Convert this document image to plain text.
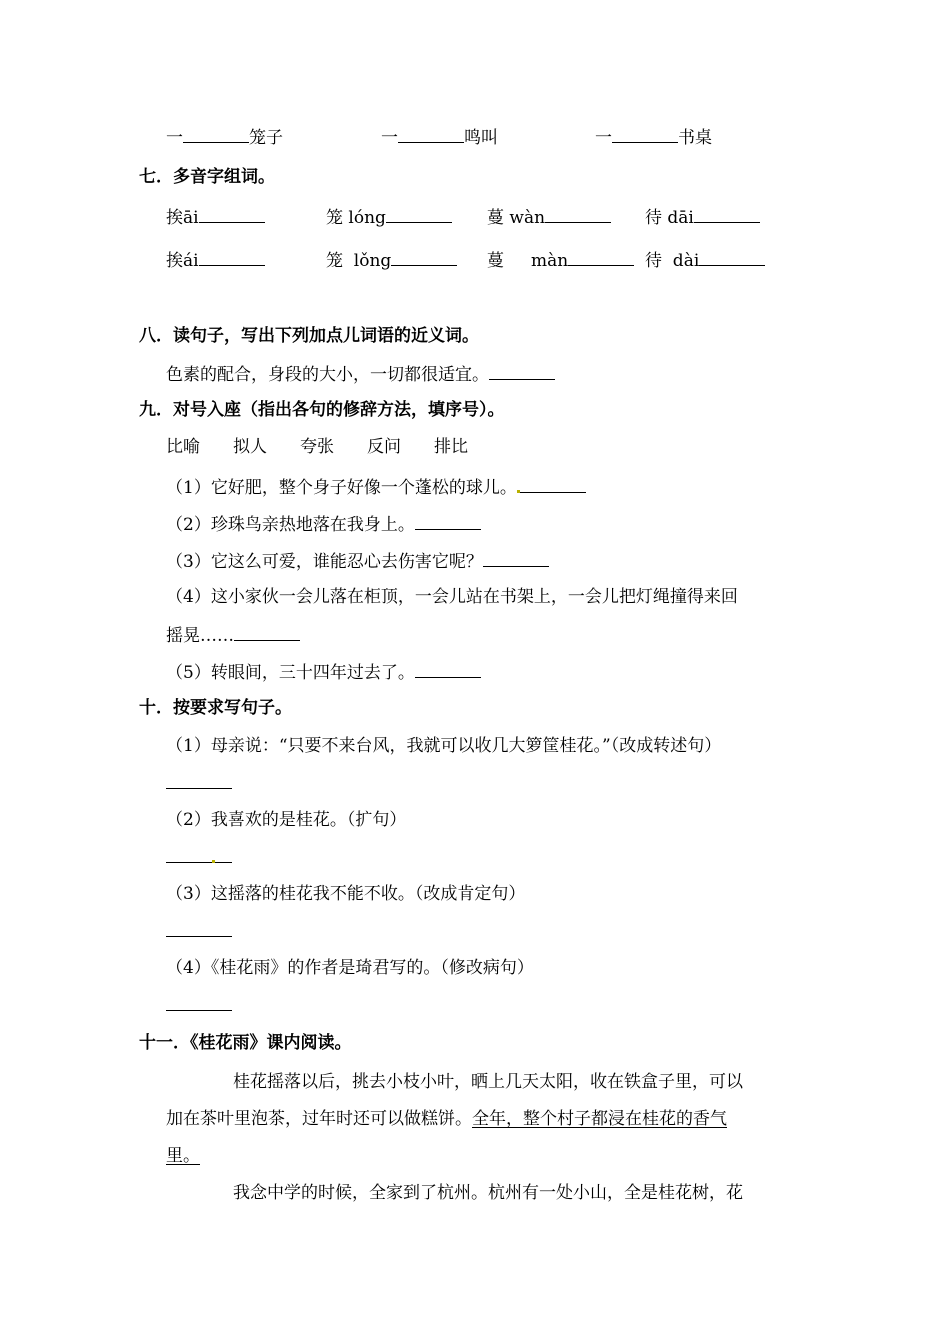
一	笼子	一	鸣叫	一	书桌
七．多音字组词。
挨āi	笼 lóng	蔓 wàn	待 dāi
挨ái	笼  lǒng	蔓     màn	待  dài
八．读句子，写出下列加点儿词语的近义词。
色素的配合，身段的大小，一切都很适宜。
九．对号入座（指出各句的修辞方法，填序号）。
比喻 拟人 夸张 反问 排比
（1）它好肥，整个身子好像一个蓬松的球儿。
（2）珍珠鸟亲热地落在我身上。
（3）它这么可爱，谁能忍心去伤害它呢？
（4）这小家伙一会儿落在柜顶，一会儿站在书架上，一会儿把灯绳撞得来回
摇晃……
（5）转眼间，三十四年过去了。
十．按要求写句子。
（1）母亲说：“只要不来台风，我就可以收几大箩筐桂花。”（改成转述句）
（2）我喜欢的是桂花。（扩句）
（3）这摇落的桂花我不能不收。（改成肯定句）
（4）《桂花雨》的作者是琦君写的。（修改病句）
十一．《桂花雨》课内阅读。
桂花摇落以后，挑去小枝小叶，晒上几天太阳，收在铁盒子里，可以
加在茶叶里泡茶，过年时还可以做糕饼。全年，整个村子都浸在桂花的香气
里。
我念中学的时候，全家到了杭州。杭州有一处小山，全是桂花树，花
